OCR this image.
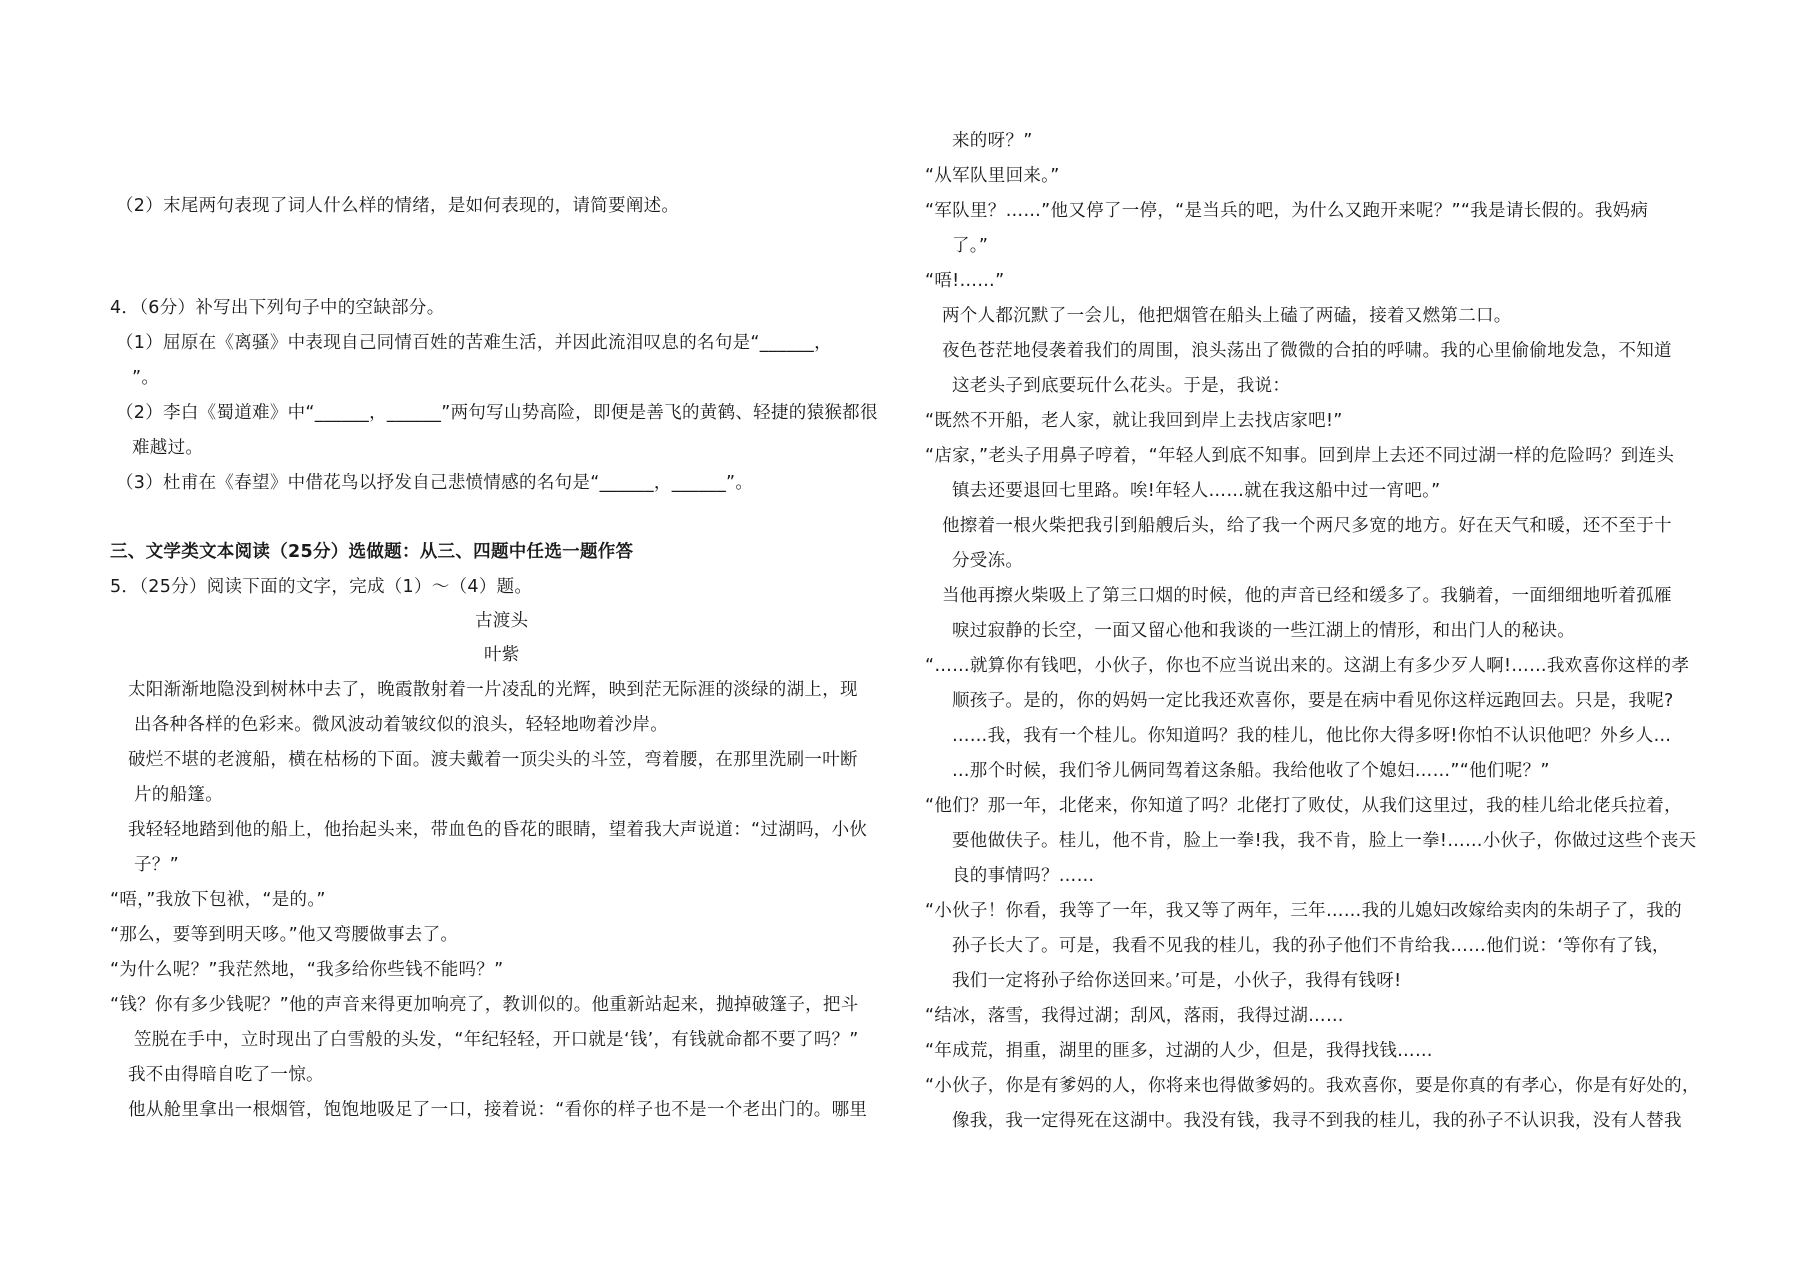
（2）末尾两句表现了词人什么样的情绪，是如何表现的，请简要阐述。
4．（6分）补写出下列句子中的空缺部分。
（1）屈原在《离骚》中表现自己同情百姓的苦难生活，并因此流泪叹息的名句是“______，
”。
（2）李白《蜀道难》中“______，______”两句写山势高险，即便是善飞的黄鹤、轻捷的猿猴都很
难越过。
（3）杜甫在《春望》中借花鸟以抒发自己悲愤情感的名句是“______，______”。
三、文学类文本阅读（25分）选做题：从三、四题中任选一题作答
5．（25分）阅读下面的文字，完成（1）～（4）题。
古渡头
叶紫
太阳渐渐地隐没到树林中去了，晚霞散射着一片凌乱的光辉，映到茫无际涯的淡绿的湖上，现
出各种各样的色彩来。微风波动着皱纹似的浪头，轻轻地吻着沙岸。
破烂不堪的老渡船，横在枯杨的下面。渡夫戴着一顶尖头的斗笠，弯着腰，在那里洗刷一叶断
片的船篷。
我轻轻地踏到他的船上，他抬起头来，带血色的昏花的眼睛，望着我大声说道：“过湖吗，小伙
子？”
“唔，”我放下包袱，“是的。”
“那么，要等到明天哆。”他又弯腰做事去了。
“为什么呢？”我茫然地，“我多给你些钱不能吗？”
“钱？你有多少钱呢？”他的声音来得更加响亮了，教训似的。他重新站起来，抛掉破篷子，把斗
笠脱在手中，立时现出了白雪般的头发，“年纪轻轻，开口就是‘钱’，有钱就命都不要了吗？”
我不由得暗自吃了一惊。
他从舱里拿出一根烟管，饱饱地吸足了一口，接着说：“看你的样子也不是一个老出门的。哪里
来的呀？”
“从军队里回来。”
“军队里？……”他又停了一停，“是当兵的吧，为什么又跑开来呢？”“我是请长假的。我妈病
了。”
“唔!……”
两个人都沉默了一会儿，他把烟管在船头上磕了两磕，接着又燃第二口。
夜色苍茫地侵袭着我们的周围，浪头荡出了微微的合拍的呼啸。我的心里偷偷地发急，不知道
这老头子到底要玩什么花头。于是，我说：
“既然不开船，老人家，就让我回到岸上去找店家吧!”
“店家，”老头子用鼻子哼着，“年轻人到底不知事。回到岸上去还不同过湖一样的危险吗？到连头
镇去还要退回七里路。唉!年轻人……就在我这船中过一宵吧。”
他擦着一根火柴把我引到船艘后头，给了我一个两尺多宽的地方。好在天气和暖，还不至于十
分受冻。
当他再擦火柴吸上了第三口烟的时候，他的声音已经和缓多了。我躺着，一面细细地听着孤雁
唳过寂静的长空，一面又留心他和我谈的一些江湖上的情形，和出门人的秘诀。
“……就算你有钱吧，小伙子，你也不应当说出来的。这湖上有多少歹人啊!……我欢喜你这样的孝
顺孩子。是的，你的妈妈一定比我还欢喜你，要是在病中看见你这样远跑回去。只是，我呢?
……我，我有一个桂儿。你知道吗？我的桂儿，他比你大得多呀!你怕不认识他吧？外乡人…
…那个时候，我们爷儿俩同驾着这条船。我给他收了个媳妇……”“他们呢？”
“他们？那一年，北佬来，你知道了吗？北佬打了败仗，从我们这里过，我的桂儿给北佬兵拉着，
要他做伕子。桂儿，他不肯，脸上一拳!我，我不肯，脸上一拳!……小伙子，你做过这些个丧天
良的事情吗？……
“小伙子！你看，我等了一年，我又等了两年，三年……我的儿媳妇改嫁给卖肉的朱胡子了，我的
孙子长大了。可是，我看不见我的桂儿，我的孙子他们不肯给我……他们说：‘等你有了钱，
我们一定将孙子给你送回来。’可是，小伙子，我得有钱呀!
“结冰，落雪，我得过湖；刮风，落雨，我得过湖……
“年成荒，捐重，湖里的匪多，过湖的人少，但是，我得找钱……
“小伙子，你是有爹妈的人，你将来也得做爹妈的。我欢喜你，要是你真的有孝心，你是有好处的，
像我，我一定得死在这湖中。我没有钱，我寻不到我的桂儿，我的孙子不认识我，没有人替我
